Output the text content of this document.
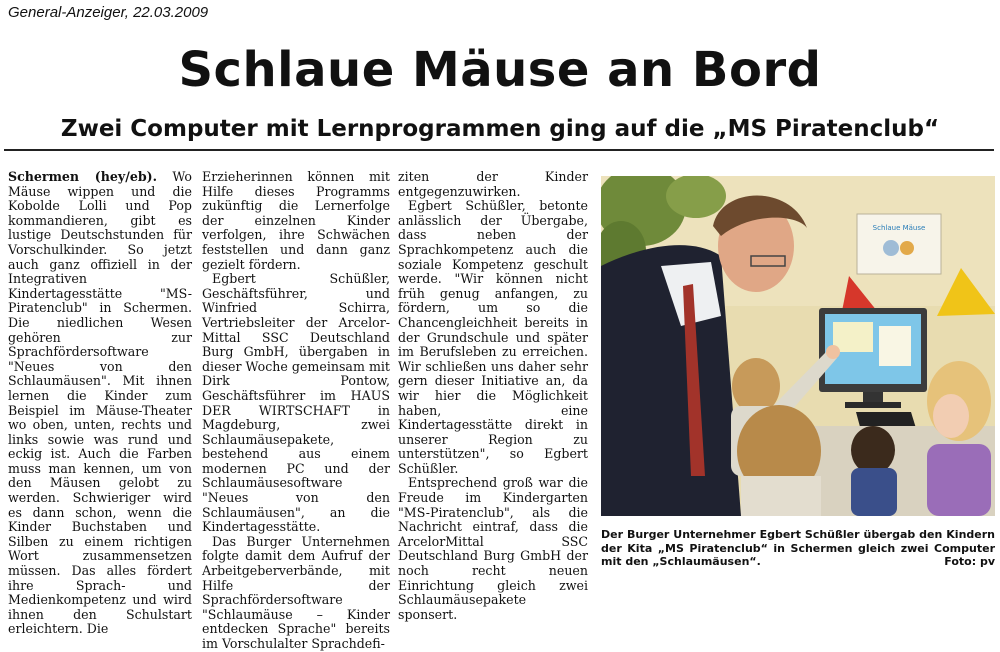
General-Anzeiger, 22.03.2009
Schlaue Mäuse an Bord
Zwei Computer mit Lernprogrammen ging auf die „MS Piratenclub“

Schermen (hey/eb). Wo Mäuse wippen und die Kobolde Lolli und Pop kommandieren, gibt es lustige Deutschstunden für Vorschulkinder. So jetzt auch ganz offiziell in der Integrativen Kindertagesstätte "MS-Piratenclub" in Schermen. Die niedlichen Wesen gehören zur Sprachfördersoftware "Neues von den Schlaumäusen". Mit ihnen lernen die Kinder zum Beispiel im Mäuse-Theater wo oben, unten, rechts und links sowie was rund und eckig ist. Auch die Farben muss man kennen, um von den Mäusen gelobt zu werden. Schwieriger wird es dann schon, wenn die Kinder Buchstaben und Silben zu einem richtigen Wort zusammensetzen müssen. Das alles fördert ihre Sprach- und Medienkompetenz und wird ihnen den Schulstart erleichtern. Die

Erzieherinnen können mit Hilfe dieses Programms zukünftig die Lernerfolge der einzelnen Kinder verfolgen, ihre Schwächen feststellen und dann ganz gezielt fördern.

Egbert Schüßler, Geschäftsführer, und Winfried Schirra, Vertriebsleiter der Arcelor-Mittal SSC Deutschland Burg GmbH, übergaben in dieser Woche gemeinsam mit Dirk Pontow, Geschäftsführer im HAUS DER WIRTSCHAFT in Magdeburg, zwei Schlaumäusepakete, bestehend aus einem modernen PC und der Schlaumäusesoftware "Neues von den Schlaumäusen", an die Kindertagesstätte.

Das Burger Unternehmen folgte damit dem Aufruf der Arbeitgeberverbände, mit Hilfe der Sprachfördersoftware "Schlaumäuse – Kinder entdecken Sprache" bereits im Vorschulalter Sprachdefi-

ziten der Kinder entgegenzuwirken.

Egbert Schüßler, betonte anlässlich der Übergabe, dass neben der Sprachkompetenz auch die soziale Kompetenz geschult werde. "Wir können nicht früh genug anfangen, zu fördern, um so die Chancengleichheit bereits in der Grundschule und später im Berufsleben zu erreichen. Wir schließen uns daher sehr gern dieser Initiative an, da wir hier die Möglichkeit haben, eine Kindertagesstätte direkt in unserer Region zu unterstützen", so Egbert Schüßler.

Entsprechend groß war die Freude im Kindergarten "MS-Piratenclub", als die Nachricht eintraf, dass die ArcelorMittal SSC Deutschland Burg GmbH der noch recht neuen Einrichtung gleich zwei Schlaumäusepakete sponsert.

Schlaue Mäuse
Der Burger Unternehmer Egbert Schüßler übergab den Kindern der Kita „MS Piratenclub“ in Schermen gleich zwei Computer mit den „Schlaumäusen“.	Foto: pv
